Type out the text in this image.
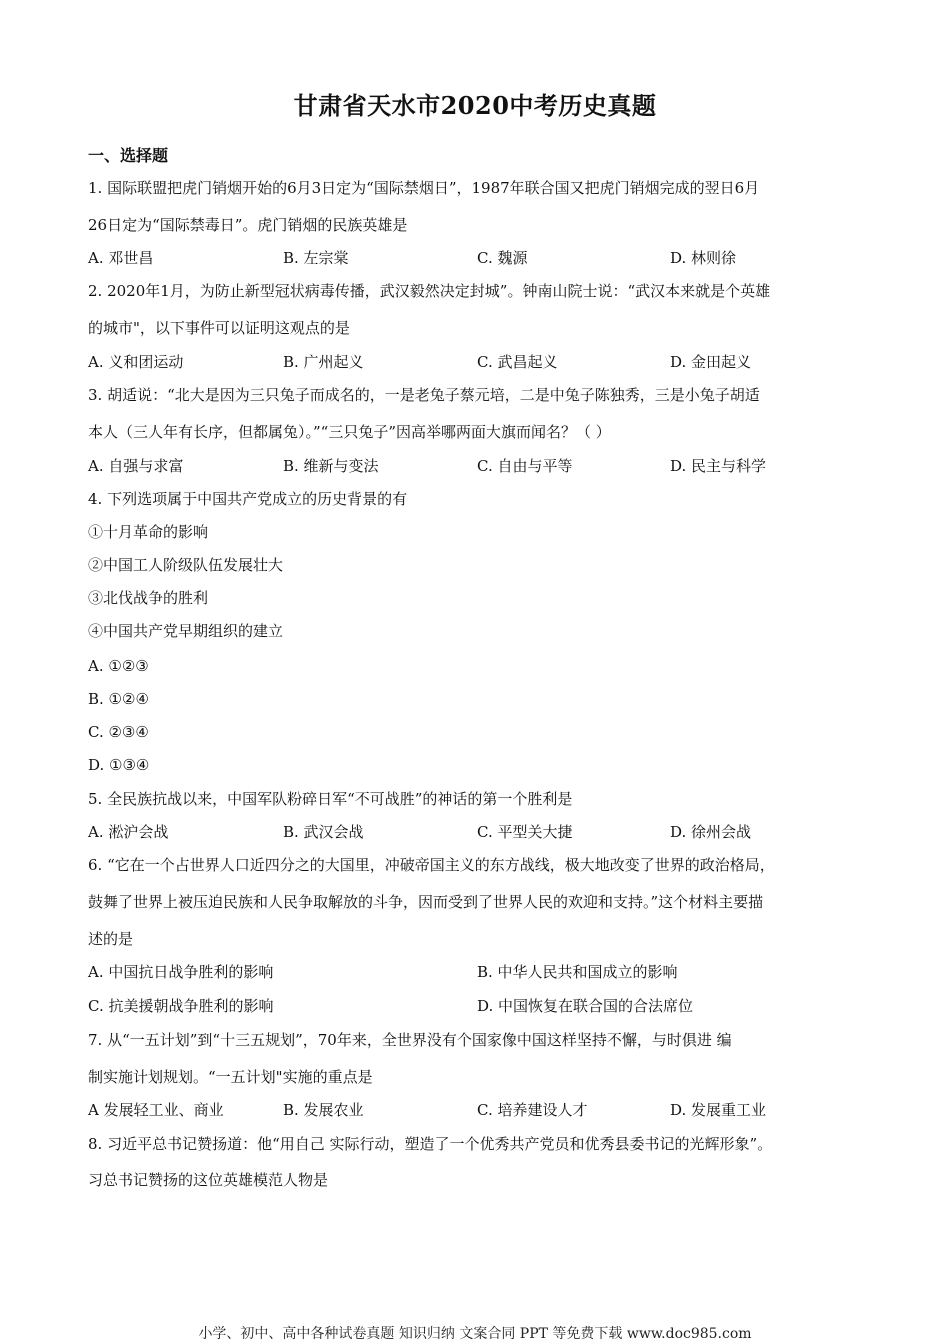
甘肃省天水市2020中考历史真题
一、选择题
1. 国际联盟把虎门销烟开始的6月3日定为“国际禁烟日”，1987年联合国又把虎门销烟完成的翌日6月
26日定为“国际禁毒日”。虎门销烟的民族英雄是
A. 邓世昌	B. 左宗棠	C. 魏源	D. 林则徐
2. 2020年1月，为防止新型冠状病毒传播，武汉毅然决定封城”。钟南山院士说：“武汉本来就是个英雄
的城市"，以下事件可以证明这观点的是
A. 义和团运动	B. 广州起义	C. 武昌起义	D. 金田起义
3. 胡适说：“北大是因为三只兔子而成名的，一是老兔子蔡元培，二是中兔子陈独秀，三是小兔子胡适
本人（三人年有长序，但都属兔）。”“三只兔子”因高举哪两面大旗而闻名？（ ）
A. 自强与求富	B. 维新与变法	C. 自由与平等	D. 民主与科学
4. 下列选项属于中国共产党成立的历史背景的有
①十月革命的影响
②中国工人阶级队伍发展壮大
③北伐战争的胜利
④中国共产党早期组织的建立
A. ①②③
B. ①②④
C. ②③④
D. ①③④
5. 全民族抗战以来，中国军队粉碎日军“不可战胜”的神话的第一个胜利是
A. 淞沪会战	B. 武汉会战	C. 平型关大捷	D. 徐州会战
6. “它在一个占世界人口近四分之的大国里，冲破帝国主义的东方战线，极大地改变了世界的政治格局，
鼓舞了世界上被压迫民族和人民争取解放的斗争，因而受到了世界人民的欢迎和支持。”这个材料主要描
述的是
A. 中国抗日战争胜利的影响	B. 中华人民共和国成立的影响
C. 抗美援朝战争胜利的影响	D. 中国恢复在联合国的合法席位
7. 从“一五计划”到“十三五规划”，70年来，全世界没有个国家像中国这样坚持不懈，与时俱进 编
制实施计划规划。“一五计划"实施的重点是
A 发展轻工业、商业	B. 发展农业	C. 培养建设人才	D. 发展重工业
8. 习近平总书记赞扬道：他“用自己 实际行动，塑造了一个优秀共产党员和优秀县委书记的光辉形象”。
习总书记赞扬的这位英雄模范人物是
小学、初中、高中各种试卷真题 知识归纳 文案合同 PPT 等免费下载 www.doc985.com
